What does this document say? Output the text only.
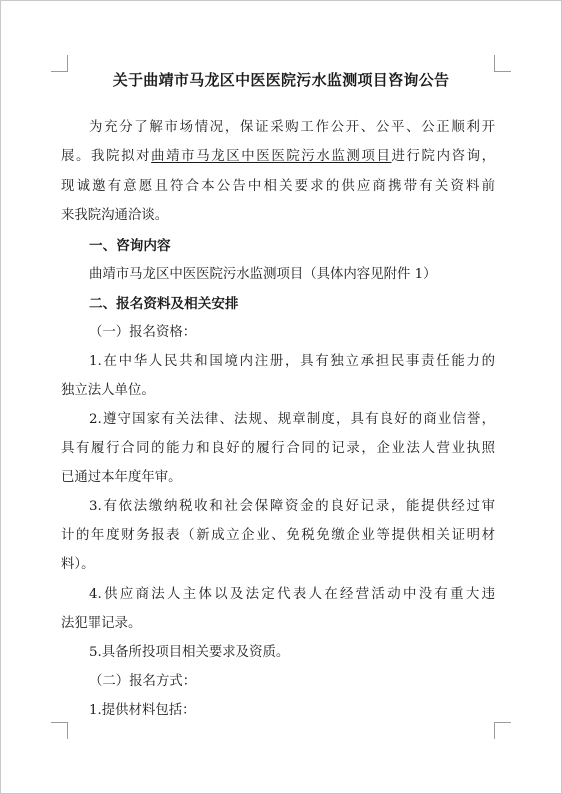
关于曲靖市马龙区中医医院污水监测项目咨询公告
为充分了解市场情况，保证采购工作公开、公平、公正顺利开
展。我院拟对曲靖市马龙区中医医院污水监测项目进行院内咨询，
现诚邀有意愿且符合本公告中相关要求的供应商携带有关资料前
来我院沟通洽谈。
一、咨询内容
曲靖市马龙区中医医院污水监测项目（具体内容见附件 1）
二、报名资料及相关安排
（一）报名资格：
1.在中华人民共和国境内注册，具有独立承担民事责任能力的
独立法人单位。
2.遵守国家有关法律、法规、规章制度，具有良好的商业信誉，
具有履行合同的能力和良好的履行合同的记录，企业法人营业执照
已通过本年度年审。
3.有依法缴纳税收和社会保障资金的良好记录，能提供经过审
计的年度财务报表（新成立企业、免税免缴企业等提供相关证明材
料）。
4.供应商法人主体以及法定代表人在经营活动中没有重大违
法犯罪记录。
5.具备所投项目相关要求及资质。
（二）报名方式：
1.提供材料包括：
